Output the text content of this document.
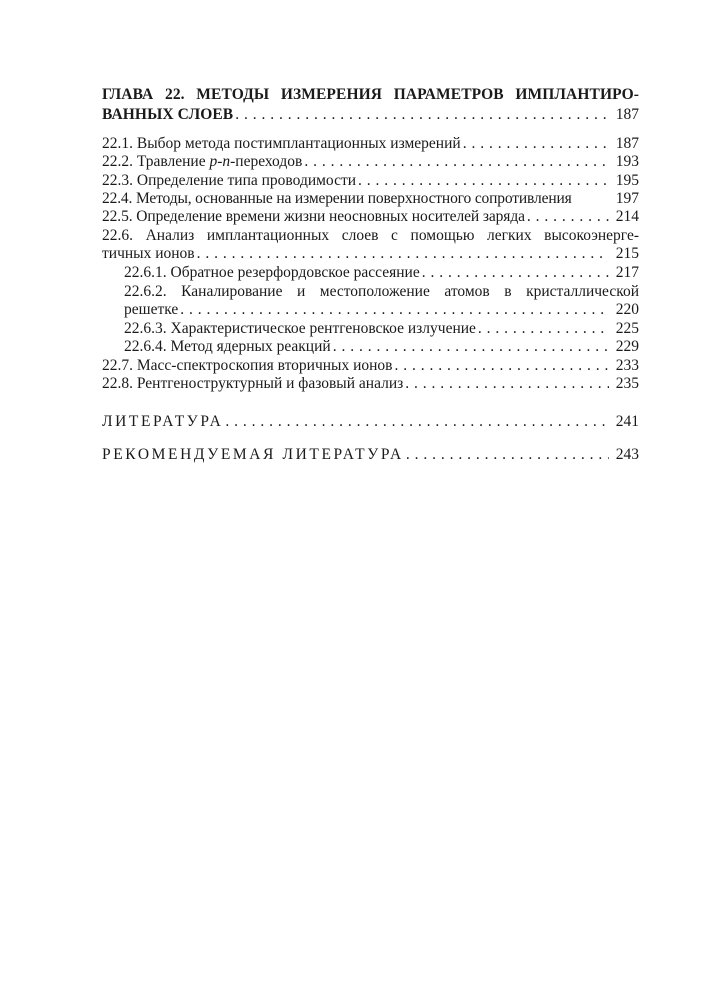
ГЛАВА 22. МЕТОДЫ ИЗМЕРЕНИЯ ПАРАМЕТРОВ ИМПЛАНТИРО-
ВАННЫХ СЛОЕВ . . .	187
22.1. Выбор метода постимплантационных измерений . . .	187
22.2. Травление p-n-переходов . . .	193
22.3. Определение типа проводимости . . .	195
22.4. Методы, основанные на измерении поверхностного сопротивления	197
22.5. Определение времени жизни неосновных носителей заряда . . .	214
22.6. Анализ имплантационных слоев с помощью легких высокоэнерге-
тичных ионов . . .	215
22.6.1. Обратное резерфордовское рассеяние . . .	217
22.6.2. Каналирование и местоположение атомов в кристаллической
решетке . . .	220
22.6.3. Характеристическое рентгеновское излучение . . .	225
22.6.4. Метод ядерных реакций . . .	229
22.7. Масс-спектроскопия вторичных ионов . . .	233
22.8. Рентгеноструктурный и фазовый анализ . . .	235
ЛИТЕРАТУРА . . .	241
РЕКОМЕНДУЕМАЯ ЛИТЕРАТУРА . . .	243
